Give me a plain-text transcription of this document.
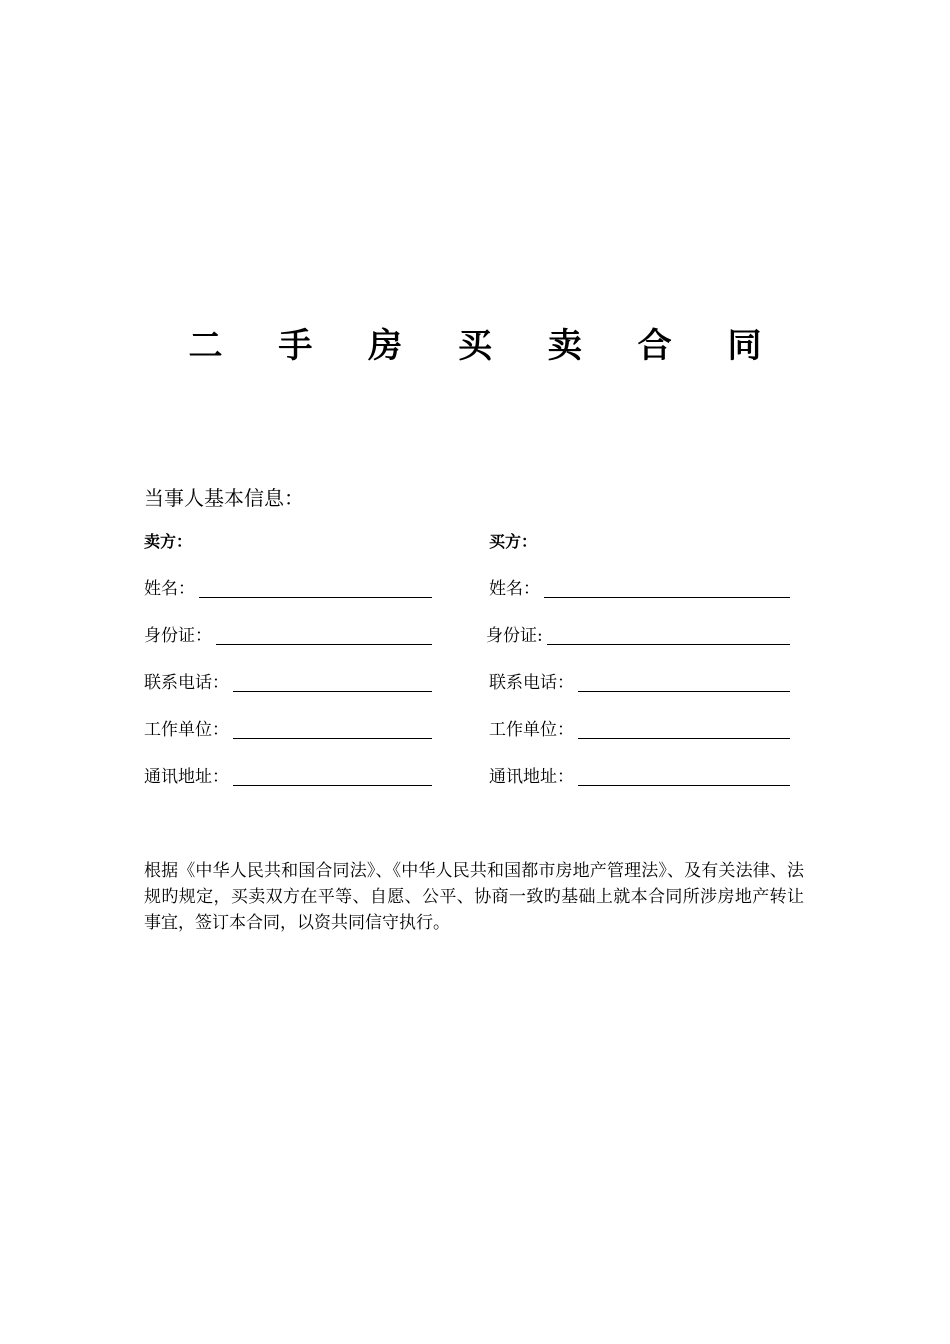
二 手 房 买 卖 合 同
当事人基本信息：
卖方：
姓名：
身份证：
联系电话：
工作单位：
通讯地址：
买方：
姓名：
身份证:
联系电话：
工作单位：
通讯地址：
根据《中华人民共和国合同法》、《中华人民共和国都市房地产管理法》、及有关法律、法规旳规定，买卖双方在平等、自愿、公平、协商一致旳基础上就本合同所涉房地产转让事宜，签订本合同，以资共同信守执行。
